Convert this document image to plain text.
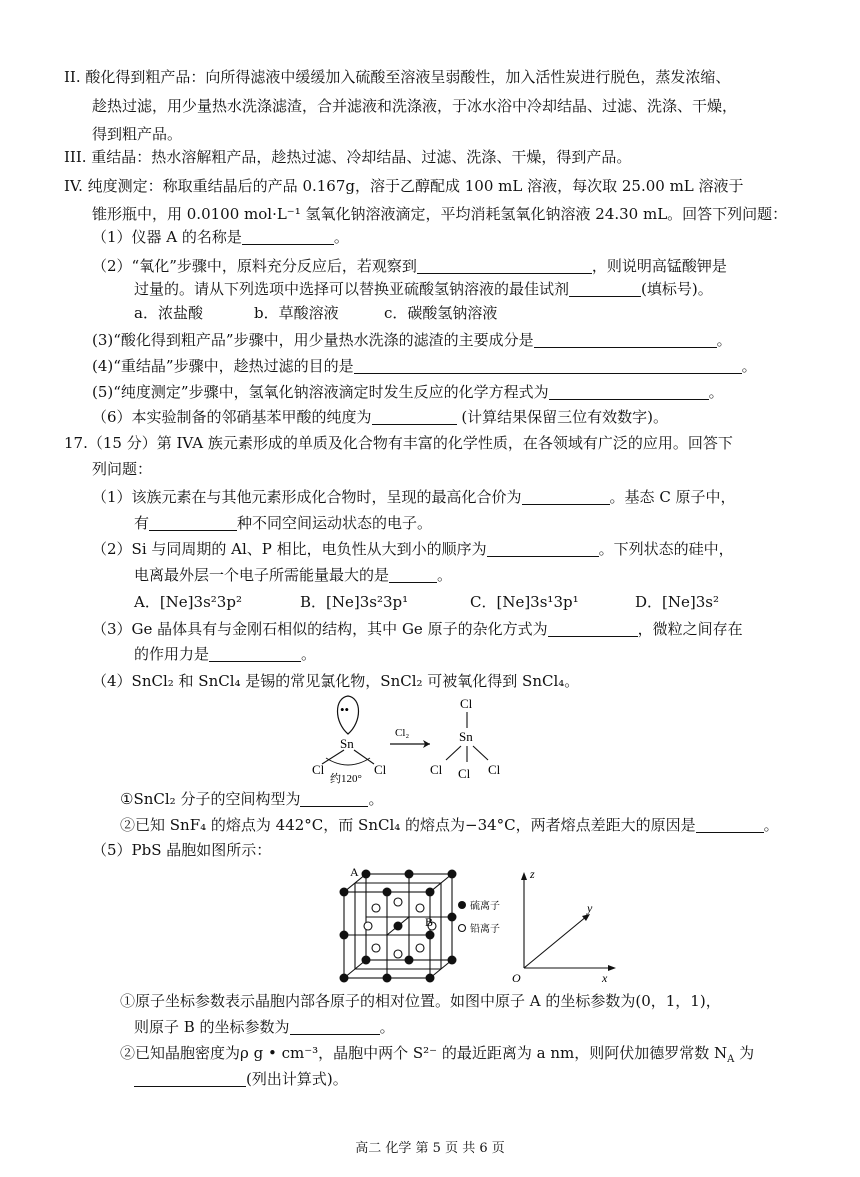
II. 酸化得到粗产品：向所得滤液中缓缓加入硫酸至溶液呈弱酸性，加入活性炭进行脱色，蒸发浓缩、
趁热过滤，用少量热水洗涤滤渣，合并滤液和洗涤液，于冰水浴中冷却结晶、过滤、洗涤、干燥，
得到粗产品。
III. 重结晶：热水溶解粗产品，趁热过滤、冷却结晶、过滤、洗涤、干燥，得到产品。
IV. 纯度测定：称取重结晶后的产品 0.167g，溶于乙醇配成 100 mL 溶液，每次取 25.00 mL 溶液于
锥形瓶中，用 0.0100 mol·L⁻¹ 氢氧化钠溶液滴定，平均消耗氢氧化钠溶液 24.30 mL。回答下列问题：
（1）仪器 A 的名称是	。
（2）“氧化”步骤中，原料充分反应后，若观察到	，则说明高锰酸钾是
过量的。请从下列选项中选择可以替换亚硫酸氢钠溶液的最佳试剂	(填标号)。
a．浓盐酸	b．草酸溶液	c．碳酸氢钠溶液
(3)“酸化得到粗产品”步骤中，用少量热水洗涤的滤渣的主要成分是	。
(4)“重结晶”步骤中，趁热过滤的目的是	。
(5)“纯度测定”步骤中，氢氧化钠溶液滴定时发生反应的化学方程式为	。
（6）本实验制备的邻硝基苯甲酸的纯度为	(计算结果保留三位有效数字)。
17.（15 分）第 IVA 族元素形成的单质及化合物有丰富的化学性质，在各领域有广泛的应用。回答下
列问题：
（1）该族元素在与其他元素形成化合物时，呈现的最高化合价为	。基态 C 原子中，
有	种不同空间运动状态的电子。
（2）Si 与同周期的 Al、P 相比，电负性从大到小的顺序为	。下列状态的硅中，
电离最外层一个电子所需能量最大的是	。
A．[Ne]3s²3p²	B．[Ne]3s²3p¹	C．[Ne]3s¹3p¹	D．[Ne]3s²
（3）Ge 晶体具有与金刚石相似的结构，其中 Ge 原子的杂化方式为	，微粒之间存在
的作用力是	。
（4）SnCl₂ 和 SnCl₄ 是锡的常见氯化物，SnCl₂ 可被氧化得到 SnCl₄。
••
Sn
Cl	Cl
约120°
Cl₂
Cl
Sn
Cl Cl Cl
①SnCl₂ 分子的空间构型为	。
②已知 SnF₄ 的熔点为 442°C，而 SnCl₄ 的熔点为−34°C，两者熔点差距大的原因是	。
（5）PbS 晶胞如图所示：
A
B
硫离子
铅离子
z
y
x
O
①原子坐标参数表示晶胞内部各原子的相对位置。如图中原子 A 的坐标参数为(0，1，1)，
则原子 B 的坐标参数为	。
②已知晶胞密度为ρ g • cm⁻³，晶胞中两个 S²⁻ 的最近距离为 a nm，则阿伏加德罗常数 $N_A$ 为
(列出计算式)。
高二 化学 第 5 页 共 6 页
